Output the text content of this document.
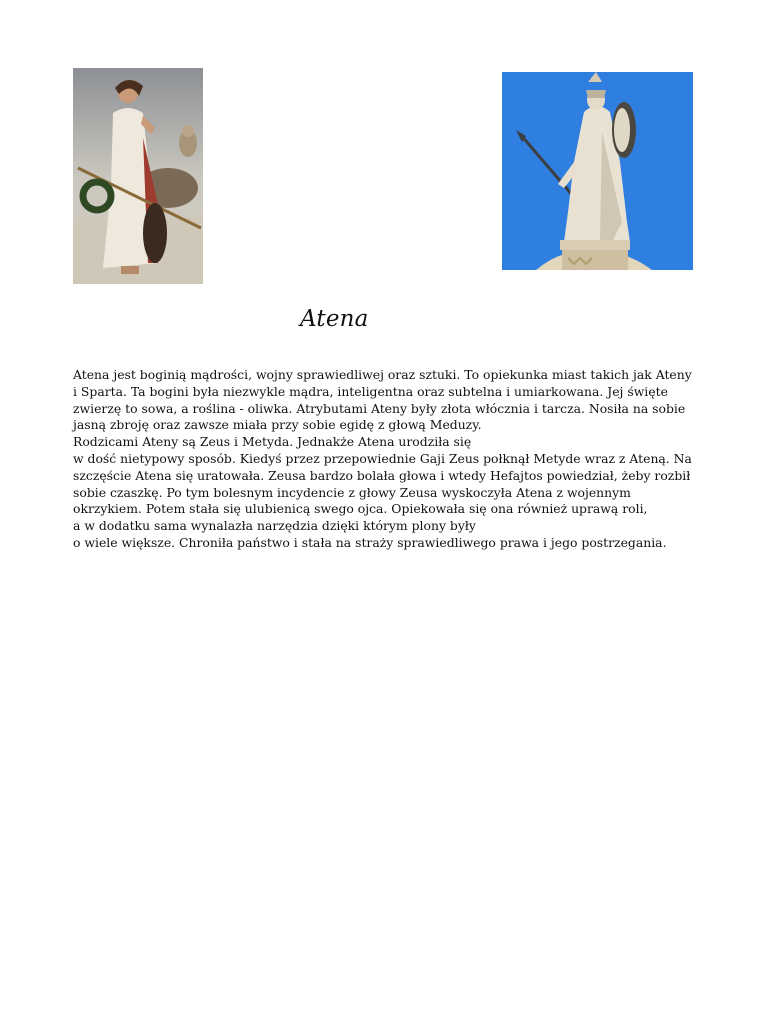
Atena
Atena jest boginią mądrości, wojny sprawiedliwej oraz sztuki. To opiekunka miast takich jak Ateny
i Sparta. Ta bogini była niezwykle mądra, inteligentna oraz subtelna i umiarkowana. Jej święte
zwierzę to sowa, a roślina - oliwka. Atrybutami Ateny były złota włócznia i tarcza. Nosiła na sobie
jasną zbroję oraz zawsze miała przy sobie egidę z głową Meduzy.
Rodzicami Ateny są Zeus i Metyda. Jednakże Atena urodziła się
w dość nietypowy sposób. Kiedyś przez przepowiednie Gaji Zeus połknął Metyde wraz z Ateną. Na
szczęście Atena się uratowała. Zeusa bardzo bolała głowa i wtedy Hefajtos powiedział, żeby rozbił
sobie czaszkę. Po tym bolesnym incydencie z głowy Zeusa wyskoczyła Atena z wojennym
okrzykiem. Potem stała się ulubienicą swego ojca. Opiekowała się ona również uprawą roli,
a w dodatku sama wynalazła narzędzia dzięki którym plony były
o wiele większe. Chroniła państwo i stała na straży sprawiedliwego prawa i jego postrzegania.
